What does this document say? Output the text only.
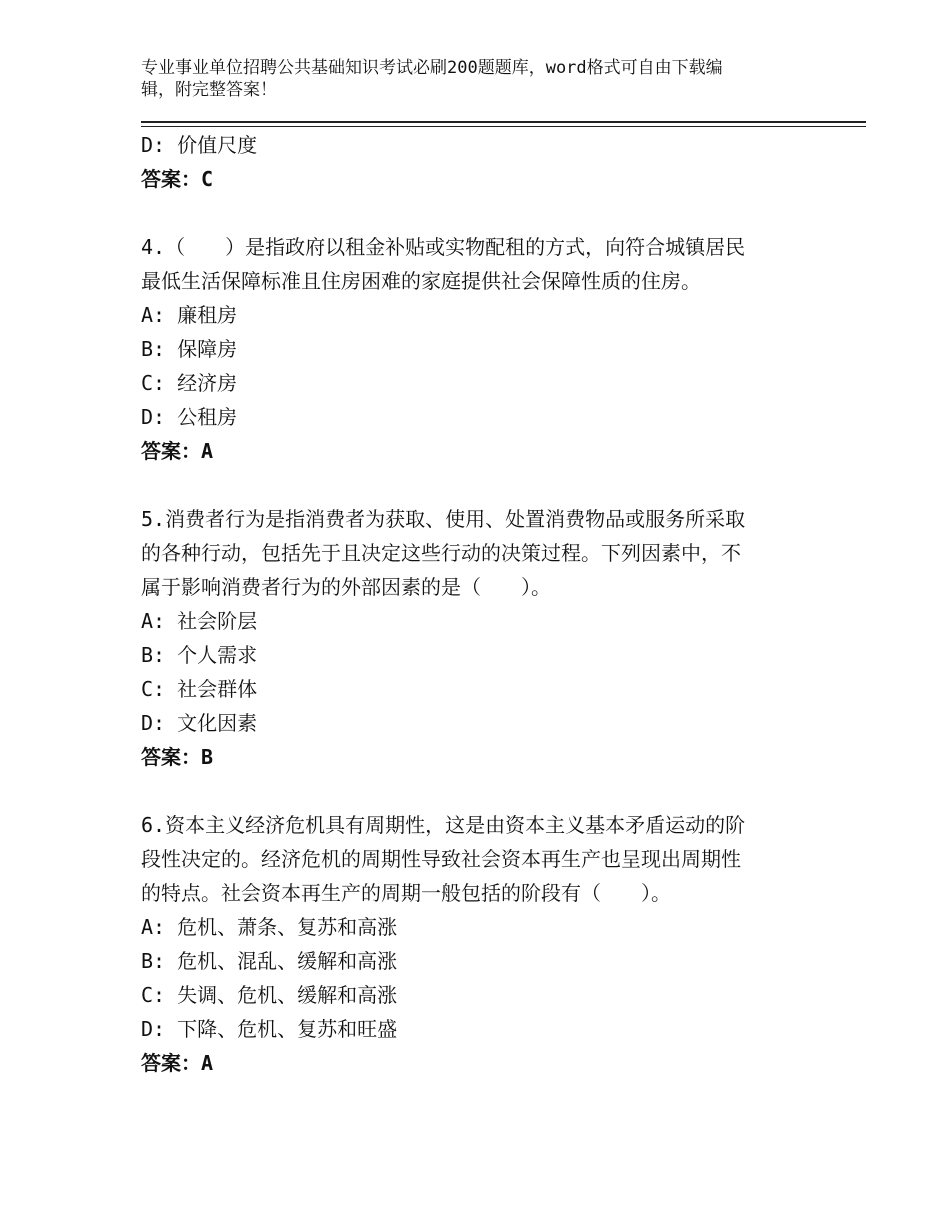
专业事业单位招聘公共基础知识考试必刷200题题库，word格式可自由下载编
辑，附完整答案！
D: 价值尺度
答案：C
4.（　　）是指政府以租金补贴或实物配租的方式，向符合城镇居民
最低生活保障标准且住房困难的家庭提供社会保障性质的住房。
A: 廉租房
B: 保障房
C: 经济房
D: 公租房
答案：A
5.消费者行为是指消费者为获取、使用、处置消费物品或服务所采取
的各种行动，包括先于且决定这些行动的决策过程。下列因素中，不
属于影响消费者行为的外部因素的是（　　）。
A: 社会阶层
B: 个人需求
C: 社会群体
D: 文化因素
答案：B
6.资本主义经济危机具有周期性，这是由资本主义基本矛盾运动的阶
段性决定的。经济危机的周期性导致社会资本再生产也呈现出周期性
的特点。社会资本再生产的周期一般包括的阶段有（　　）。
A: 危机、萧条、复苏和高涨
B: 危机、混乱、缓解和高涨
C: 失调、危机、缓解和高涨
D: 下降、危机、复苏和旺盛
答案：A
